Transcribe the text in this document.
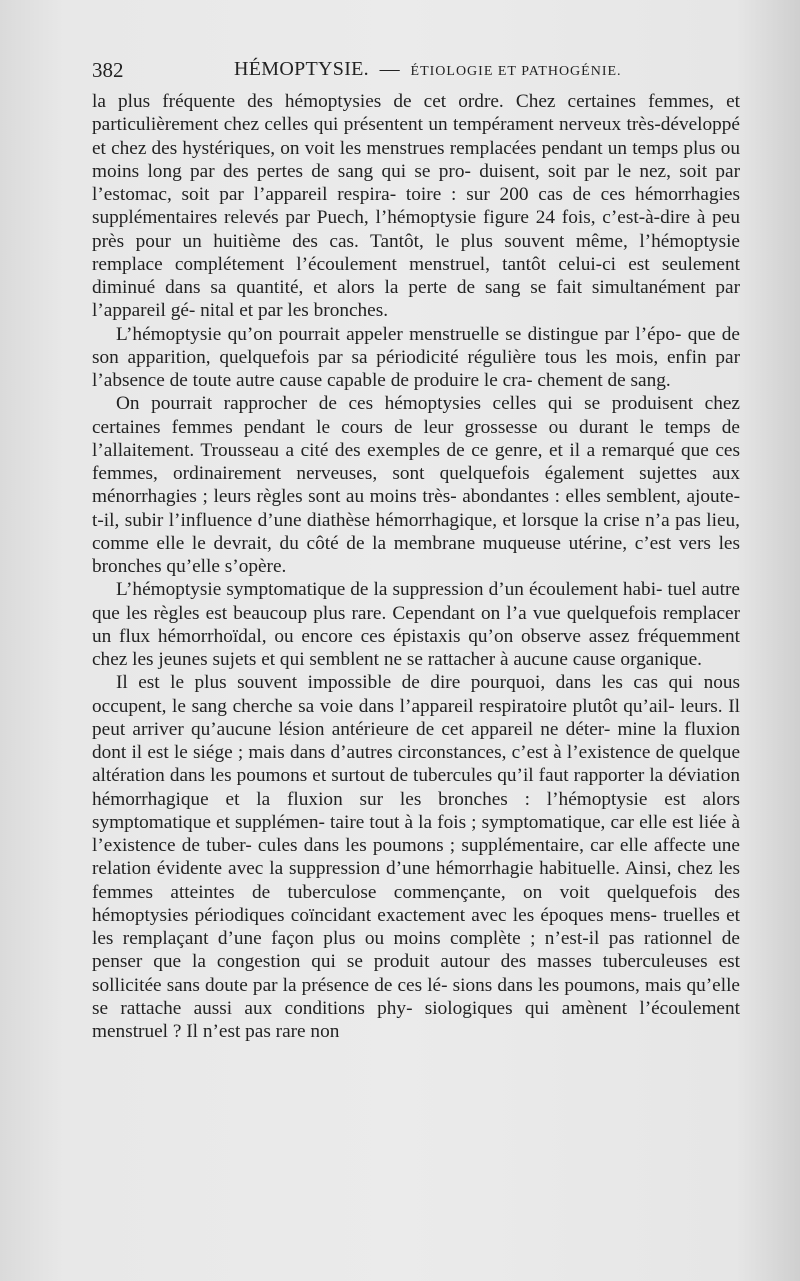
382	HÉMOPTYSIE. — ÉTIOLOGIE ET PATHOGÉNIE.

la plus fréquente des hémoptysies de cet ordre. Chez certaines femmes, et particulièrement chez celles qui présentent un tempérament nerveux très-développé et chez des hystériques, on voit les menstrues remplacées pendant un temps plus ou moins long par des pertes de sang qui se pro- duisent, soit par le nez, soit par l’estomac, soit par l’appareil respira- toire : sur 200 cas de ces hémorrhagies supplémentaires relevés par Puech, l’hémoptysie figure 24 fois, c’est-à-dire à peu près pour un huitième des cas. Tantôt, le plus souvent même, l’hémoptysie remplace complétement l’écoulement menstruel, tantôt celui-ci est seulement diminué dans sa quantité, et alors la perte de sang se fait simultanément par l’appareil gé- nital et par les bronches.

L’hémoptysie qu’on pourrait appeler menstruelle se distingue par l’épo- que de son apparition, quelquefois par sa périodicité régulière tous les mois, enfin par l’absence de toute autre cause capable de produire le cra- chement de sang.

On pourrait rapprocher de ces hémoptysies celles qui se produisent chez certaines femmes pendant le cours de leur grossesse ou durant le temps de l’allaitement. Trousseau a cité des exemples de ce genre, et il a remarqué que ces femmes, ordinairement nerveuses, sont quelquefois également sujettes aux ménorrhagies ; leurs règles sont au moins très- abondantes : elles semblent, ajoute-t-il, subir l’influence d’une diathèse hémorrhagique, et lorsque la crise n’a pas lieu, comme elle le devrait, du côté de la membrane muqueuse utérine, c’est vers les bronches qu’elle s’opère.

L’hémoptysie symptomatique de la suppression d’un écoulement habi- tuel autre que les règles est beaucoup plus rare. Cependant on l’a vue quelquefois remplacer un flux hémorrhoïdal, ou encore ces épistaxis qu’on observe assez fréquemment chez les jeunes sujets et qui semblent ne se rattacher à aucune cause organique.

Il est le plus souvent impossible de dire pourquoi, dans les cas qui nous occupent, le sang cherche sa voie dans l’appareil respiratoire plutôt qu’ail- leurs. Il peut arriver qu’aucune lésion antérieure de cet appareil ne déter- mine la fluxion dont il est le siége ; mais dans d’autres circonstances, c’est à l’existence de quelque altération dans les poumons et surtout de tubercules qu’il faut rapporter la déviation hémorrhagique et la fluxion sur les bronches : l’hémoptysie est alors symptomatique et supplémen- taire tout à la fois ; symptomatique, car elle est liée à l’existence de tuber- cules dans les poumons ; supplémentaire, car elle affecte une relation évidente avec la suppression d’une hémorrhagie habituelle. Ainsi, chez les femmes atteintes de tuberculose commençante, on voit quelquefois des hémoptysies périodiques coïncidant exactement avec les époques mens- truelles et les remplaçant d’une façon plus ou moins complète ; n’est-il pas rationnel de penser que la congestion qui se produit autour des masses tuberculeuses est sollicitée sans doute par la présence de ces lé- sions dans les poumons, mais qu’elle se rattache aussi aux conditions phy- siologiques qui amènent l’écoulement menstruel ? Il n’est pas rare non
